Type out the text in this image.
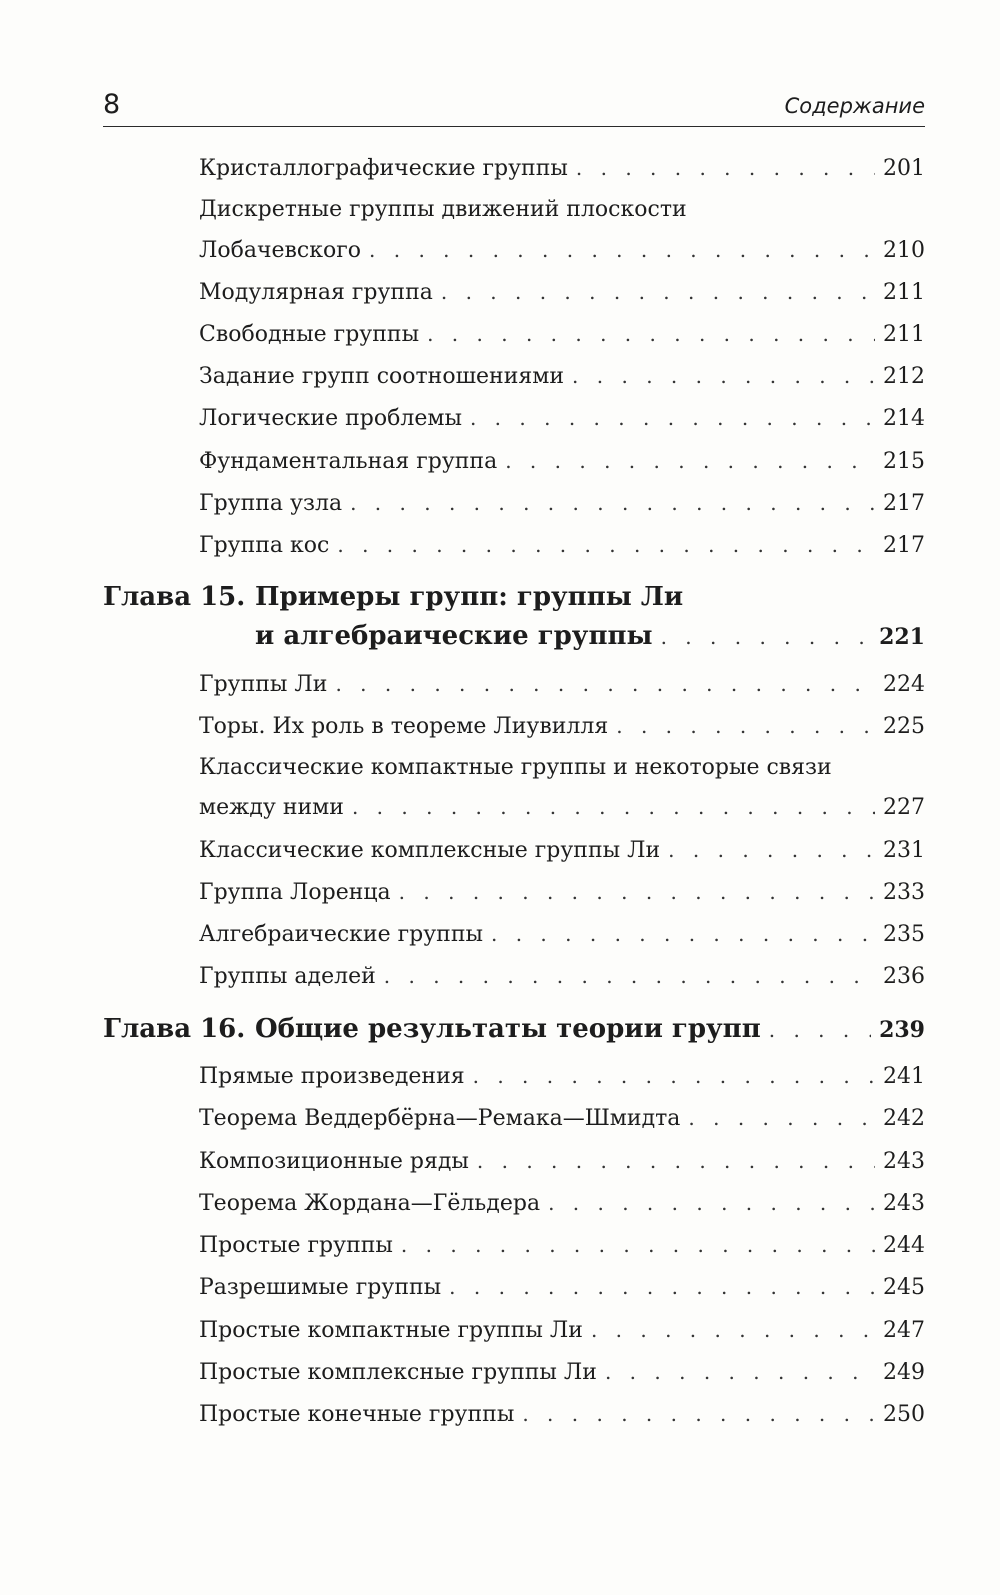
8	Содержание
Кристаллографические группы . . .	201
Дискретные группы движений плоскости
Лобачевского . . .	210
Модулярная группа . . .	211
Свободные группы . . .	211
Задание групп соотношениями . . .	212
Логические проблемы . . .	214
Фундаментальная группа . . .	215
Группа узла . . .	217
Группа кос . . .	217
Глава 15. Примеры групп: группы Ли
и алгебраические группы . . .	221
Группы Ли . . .	224
Торы. Их роль в теореме Лиувилля . . .	225
Классические компактные группы и некоторые связи
между ними . . .	227
Классические комплексные группы Ли . . .	231
Группа Лоренца . . .	233
Алгебраические группы . . .	235
Группы аделей . . .	236
Глава 16. Общие результаты теории групп . . .	239
Прямые произведения . . .	241
Теорема Веддербёрна—Ремака—Шмидта . . .	242
Композиционные ряды . . .	243
Теорема Жордана—Гёльдера . . .	243
Простые группы . . .	244
Разрешимые группы . . .	245
Простые компактные группы Ли . . .	247
Простые комплексные группы Ли . . .	249
Простые конечные группы . . .	250
